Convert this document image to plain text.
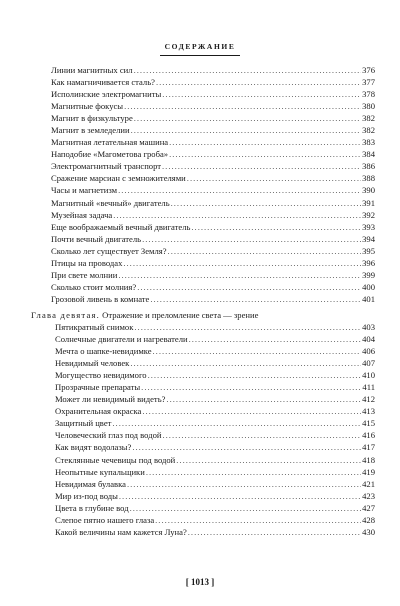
СОДЕРЖАНИЕ
Линии магнитных сил .....	376
Как намагничивается сталь? .....	377
Исполинские электромагниты .....	378
Магнитные фокусы .....	380
Магнит в физкультуре .....	382
Магнит в земледелии .....	382
Магнитная летательная машина .....	383
Наподобие «Магометова гроба» .....	384
Электромагнитный транспорт .....	386
Сражение марсиан с земножителями .....	388
Часы и магнетизм .....	390
Магнитный «вечный» двигатель .....	391
Музейная задача .....	392
Еще воображаемый вечный двигатель .....	393
Почти вечный двигатель .....	394
Сколько лет существует Земля? .....	395
Птицы на проводах .....	396
При свете молнии .....	399
Сколько стоит молния? .....	400
Грозовой ливень в комнате .....	401
Глава девятая. Отражение и преломление света — зрение
Пятикратный снимок .....	403
Солнечные двигатели и нагреватели .....	404
Мечта о шапке-невидимке .....	406
Невидимый человек .....	407
Могущество невидимого .....	410
Прозрачные препараты .....	411
Может ли невидимый видеть? .....	412
Охранительная окраска .....	413
Защитный цвет .....	415
Человеческий глаз под водой .....	416
Как видят водолазы? .....	417
Стеклянные чечевицы под водой .....	418
Неопытные купальщики .....	419
Невидимая булавка .....	421
Мир из-под воды .....	423
Цвета в глубине вод .....	427
Слепое пятно нашего глаза .....	428
Какой величины нам кажется Луна? .....	430
[ 1013 ]
